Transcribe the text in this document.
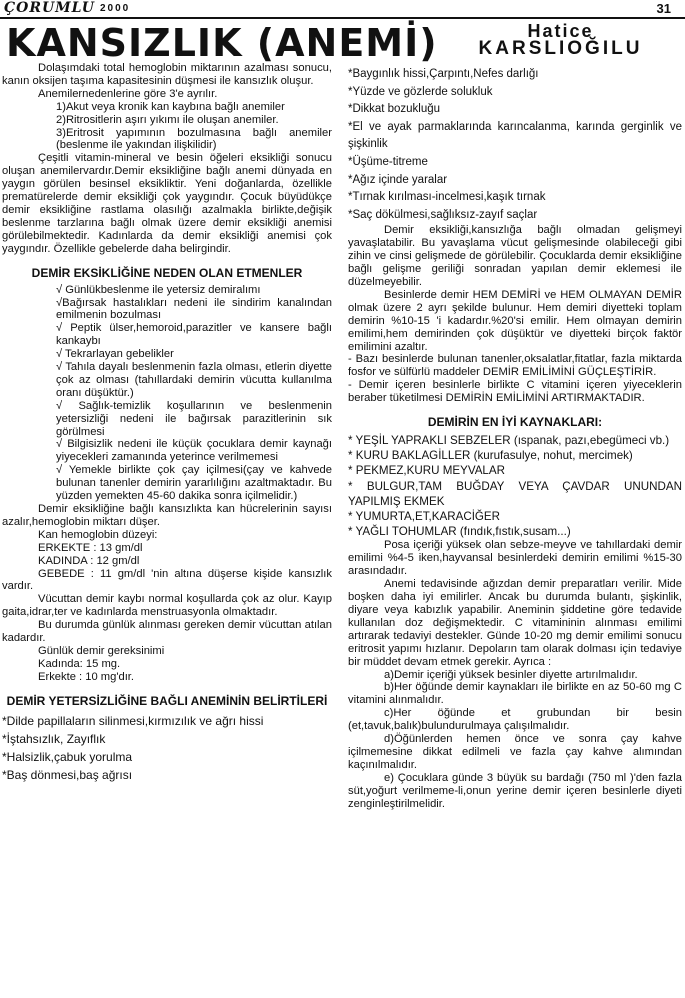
ÇORUMLU 2000	31
KANSIZLIK (ANEMİ)	Hatice
KARSLIOĞILU

Dolaşımdaki total hemoglobin miktarının azalması sonucu, kanın oksijen taşıma kapasitesinin düşmesi ile kansızlık oluşur.

Anemilernedenlerine göre 3'e ayrılır.

1)Akut veya kronik kan kaybına bağlı anemiler

2)Ritrositlerin aşırı yıkımı ile oluşan anemiler.

3)Eritrosit yapımının bozulmasına bağlı anemiler (beslenme ile yakından ilişkilidir)

Çeşitli vitamin-mineral ve besin öğeleri eksikliği sonucu oluşan anemilervardır.Demir eksikliğine bağlı anemi dünyada en yaygın görülen besinsel eksikliktir. Yeni doğanlarda, özellikle prematürelerde demir eksikliği çok yaygındır. Çocuk büyüdükçe demir eksikliğine rastlama olasılığı azalmakla birlikte,değişik beslenme tarzlarına bağlı olmak üzere demir eksikliği anemisi görülebilmektedir. Kadınlarda da demir eksikliği anemisi çok yaygındır. Özellikle gebelerde daha belirgindir.

DEMİR EKSİKLİĞİNE NEDEN OLAN ETMENLER

√ Günlükbeslenme ile yetersiz demiralımı

√Bağırsak hastalıkları nedeni ile sindirim kanalından emilmenin bozulması

√ Peptik ülser,hemoroid,parazitler ve kansere bağlı kankaybı

√ Tekrarlayan gebelikler

√ Tahıla dayalı beslenmenin fazla olması, etlerin diyette çok az olması (tahıllardaki demirin vücutta kullanılma oranı düşüktür.)

√ Sağlık-temizlik koşullarının ve beslenmenin yetersizliği nedeni ile bağırsak parazitlerinin sık görülmesi

√ Bilgisizlik nedeni ile küçük çocuklara demir kaynağı yiyecekleri zamanında yeterince verilmemesi

√ Yemekle birlikte çok çay içilmesi(çay ve kahvede bulunan tanenler demirin yararlılığını azaltmaktadır. Bu yüzden yemekten 45-60 dakika sonra içilmelidir.)

Demir eksikliğine bağlı kansızlıkta kan hücrelerinin sayısı azalır,hemoglobin miktarı düşer.

Kan hemoglobin düzeyi:

ERKEKTE : 13 gm/dl

KADINDA : 12 gm/dl

GEBEDE : 11 gm/dl 'nin altına düşerse kişide kansızlık vardır.

Vücuttan demir kaybı normal koşullarda çok az olur. Kayıp gaita,idrar,ter ve kadınlarda menstruasyonla olmaktadır.

Bu durumda günlük alınması gereken demir vücuttan atılan kadardır.

Günlük demir gereksinimi

Kadında: 15 mg.

Erkekte : 10 mg'dır.

DEMİR YETERSİZLİĞİNE BAĞLI ANEMİNİN BELİRTİLERİ

*Dilde papillaların silinmesi,kırmızılık ve ağrı hissi

*İştahsızlık, Zayıflık

*Halsizlik,çabuk yorulma

*Baş dönmesi,baş ağrısı

*Baygınlık hissi,Çarpıntı,Nefes darlığı

*Yüzde ve gözlerde solukluk

*Dikkat bozukluğu

*El ve ayak parmaklarında karıncalanma, karında gerginlik ve şişkinlik

*Üşüme-titreme

*Ağız içinde yaralar

*Tırnak kırılması-incelmesi,kaşık tırnak

*Saç dökülmesi,sağlıksız-zayıf saçlar

Demir eksikliği,kansızlığa bağlı olmadan gelişmeyi yavaşlatabilir. Bu yavaşlama vücut gelişmesinde olabileceği gibi zihin ve cinsi gelişmede de görülebilir. Çocuklarda demir eksikliğine bağlı gelişme geriliği sonradan yapılan demir eklemesi ile düzelmeyebilir.

Besinlerde demir HEM DEMİRİ ve HEM OLMAYAN DEMİR olmak üzere 2 ayrı şekilde bulunur. Hem demiri diyetteki toplam demirin %10-15 'i kadardır.%20'si emilir. Hem olmayan demirin emilimi,hem demirinden çok düşüktür ve diyetteki birçok faktör emilimini azaltır.

- Bazı besinlerde bulunan tanenler,oksalatlar,fitatlar, fazla miktarda fosfor ve sülfürlü maddeler DEMİR EMİLİMİNİ GÜÇLEŞTİRİR.

- Demir içeren besinlerle birlikte C vitamini içeren yiyeceklerin beraber tüketilmesi DEMİRİN EMİLİMİNİ ARTIRMAKTADIR.

DEMİRİN EN İYİ KAYNAKLARI:

* YEŞİL YAPRAKLI SEBZELER (ıspanak, pazı,ebegümeci vb.)

* KURU BAKLAGİLLER (kurufasulye, nohut, mercimek)

* PEKMEZ,KURU MEYVALAR

* BULGUR,TAM BUĞDAY VEYA ÇAVDAR UNUNDAN YAPILMIŞ EKMEK

* YUMURTA,ET,KARACİĞER

* YAĞLI TOHUMLAR (fındık,fıstık,susam...)

Posa içeriği yüksek olan sebze-meyve ve tahıllardaki demir emilimi %4-5 iken,hayvansal besinlerdeki demirin emilimi %15-30 arasındadır.

Anemi tedavisinde ağızdan demir preparatları verilir. Mide boşken daha iyi emilirler. Ancak bu durumda bulantı, şişkinlik, diyare veya kabızlık yapabilir. Aneminin şiddetine göre tedavide kullanılan doz değişmektedir. C vitamininin alınması emilimi artırarak tedaviyi destekler. Günde 10-20 mg demir emilimi sonucu eritrosit yapımı hızlanır. Depoların tam olarak dolması için tedaviye bir müddet devam etmek gerekir. Ayrıca :

a)Demir içeriği yüksek besinler diyette artırılmalıdır.

b)Her öğünde demir kaynakları ile birlikte en az 50-60 mg C vitamini alınmalıdır.

c)Her öğünde et grubundan bir besin (et,tavuk,balık)bulundurulmaya çalışılmalıdır.

d)Öğünlerden hemen önce ve sonra çay kahve içilmemesine dikkat edilmeli ve fazla çay kahve alımından kaçınılmalıdır.

e) Çocuklara günde 3 büyük su bardağı (750 ml )'den fazla süt,yoğurt verilmeme-li,onun yerine demir içeren besinlerle diyeti zenginleştirilmelidir.
